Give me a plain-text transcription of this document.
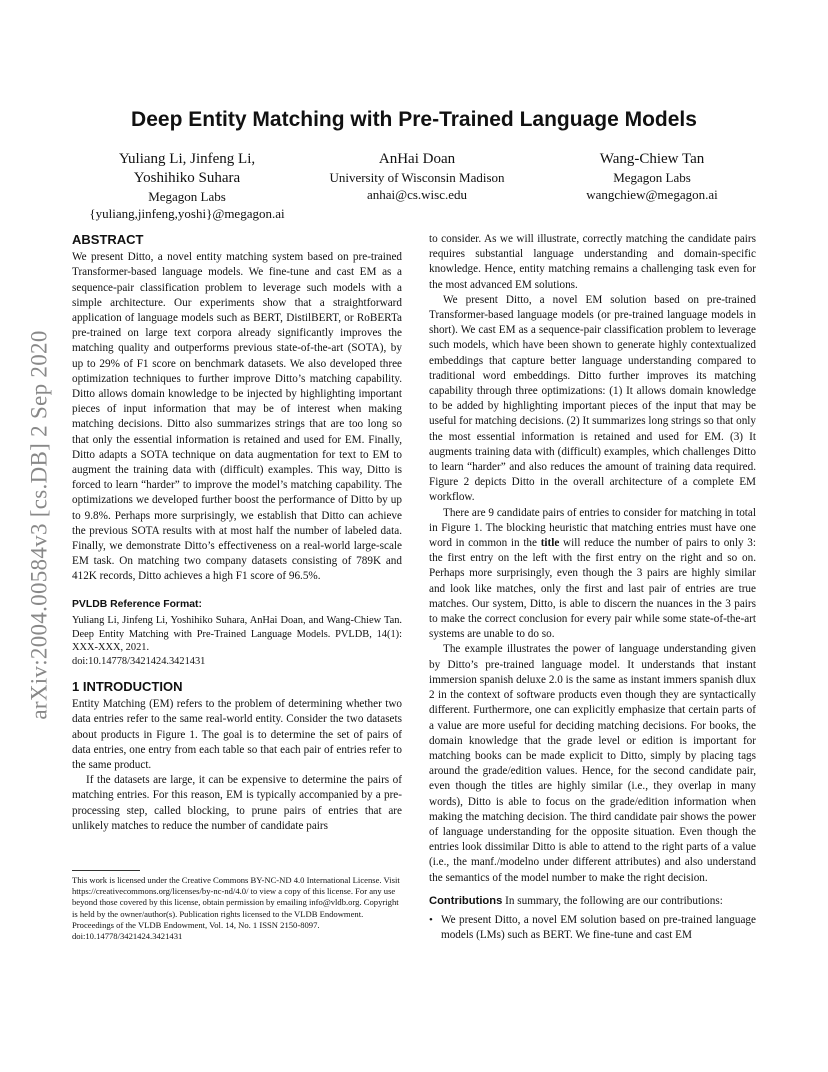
arXiv:2004.00584v3 [cs.DB] 2 Sep 2020
Deep Entity Matching with Pre-Trained Language Models
Yuliang Li, Jinfeng Li,
Yoshihiko Suhara
Megagon Labs
{yuliang,jinfeng,yoshi}@megagon.ai
AnHai Doan
University of Wisconsin Madison
anhai@cs.wisc.edu
Wang-Chiew Tan
Megagon Labs
wangchiew@megagon.ai
ABSTRACT

We present Ditto, a novel entity matching system based on pre-trained Transformer-based language models. We fine-tune and cast EM as a sequence-pair classification problem to leverage such models with a simple architecture. Our experiments show that a straightforward application of language models such as BERT, DistilBERT, or RoBERTa pre-trained on large text corpora already significantly improves the matching quality and outperforms previous state-of-the-art (SOTA), by up to 29% of F1 score on benchmark datasets. We also developed three optimization techniques to further improve Ditto’s matching capability. Ditto allows domain knowledge to be injected by highlighting important pieces of input information that may be of interest when making matching decisions. Ditto also summarizes strings that are too long so that only the essential information is retained and used for EM. Finally, Ditto adapts a SOTA technique on data augmentation for text to EM to augment the training data with (difficult) examples. This way, Ditto is forced to learn “harder” to improve the model’s matching capability. The optimizations we developed further boost the performance of Ditto by up to 9.8%. Perhaps more surprisingly, we establish that Ditto can achieve the previous SOTA results with at most half the number of labeled data. Finally, we demonstrate Ditto’s effectiveness on a real-world large-scale EM task. On matching two company datasets consisting of 789K and 412K records, Ditto achieves a high F1 score of 96.5%.

PVLDB Reference Format:

Yuliang Li, Jinfeng Li, Yoshihiko Suhara, AnHai Doan, and Wang-Chiew Tan. Deep Entity Matching with Pre-Trained Language Models. PVLDB, 14(1): XXX-XXX, 2021.

doi:10.14778/3421424.3421431

1 INTRODUCTION

Entity Matching (EM) refers to the problem of determining whether two data entries refer to the same real-world entity. Consider the two datasets about products in Figure 1. The goal is to determine the set of pairs of data entries, one entry from each table so that each pair of entries refer to the same product.

If the datasets are large, it can be expensive to determine the pairs of matching entries. For this reason, EM is typically accompanied by a pre-processing step, called blocking, to prune pairs of entries that are unlikely matches to reduce the number of candidate pairs

This work is licensed under the Creative Commons BY-NC-ND 4.0 International License. Visit https://creativecommons.org/licenses/by-nc-nd/4.0/ to view a copy of this license. For any use beyond those covered by this license, obtain permission by emailing info@vldb.org. Copyright is held by the owner/author(s). Publication rights licensed to the VLDB Endowment.
Proceedings of the VLDB Endowment, Vol. 14, No. 1 ISSN 2150-8097.
doi:10.14778/3421424.3421431

to consider. As we will illustrate, correctly matching the candidate pairs requires substantial language understanding and domain-specific knowledge. Hence, entity matching remains a challenging task even for the most advanced EM solutions.

We present Ditto, a novel EM solution based on pre-trained Transformer-based language models (or pre-trained language models in short). We cast EM as a sequence-pair classification problem to leverage such models, which have been shown to generate highly contextualized embeddings that capture better language understanding compared to traditional word embeddings. Ditto further improves its matching capability through three optimizations: (1) It allows domain knowledge to be added by highlighting important pieces of the input that may be useful for matching decisions. (2) It summarizes long strings so that only the most essential information is retained and used for EM. (3) It augments training data with (difficult) examples, which challenges Ditto to learn “harder” and also reduces the amount of training data required. Figure 2 depicts Ditto in the overall architecture of a complete EM workflow.

There are 9 candidate pairs of entries to consider for matching in total in Figure 1. The blocking heuristic that matching entries must have one word in common in the title will reduce the number of pairs to only 3: the first entry on the left with the first entry on the right and so on. Perhaps more surprisingly, even though the 3 pairs are highly similar and look like matches, only the first and last pair of entries are true matches. Our system, Ditto, is able to discern the nuances in the 3 pairs to make the correct conclusion for every pair while some state-of-the-art systems are unable to do so.

The example illustrates the power of language understanding given by Ditto’s pre-trained language model. It understands that instant immersion spanish deluxe 2.0 is the same as instant immers spanish dlux 2 in the context of software products even though they are syntactically different. Furthermore, one can explicitly emphasize that certain parts of a value are more useful for deciding matching decisions. For books, the domain knowledge that the grade level or edition is important for matching books can be made explicit to Ditto, simply by placing tags around the grade/edition values. Hence, for the second candidate pair, even though the titles are highly similar (i.e., they overlap in many words), Ditto is able to focus on the grade/edition information when making the matching decision. The third candidate pair shows the power of language understanding for the opposite situation. Even though the entries look dissimilar Ditto is able to attend to the right parts of a value (i.e., the manf./modelno under different attributes) and also understand the semantics of the model number to make the right decision.

Contributions In summary, the following are our contributions:

• We present Ditto, a novel EM solution based on pre-trained language models (LMs) such as BERT. We fine-tune and cast EM
